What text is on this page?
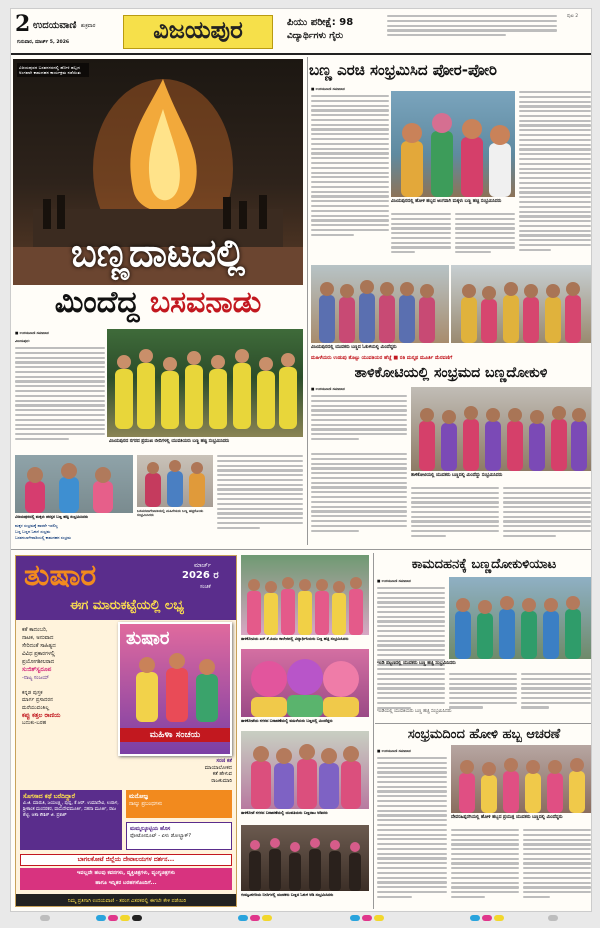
2 ಉದಯವಾಣಿ ಶುಕ್ರವಾರ
ಗುರುವಾರ, ಮಾರ್ಚ್ 5, 2026	ವಿಜಯಪುರ	ಪಿಯು ಪರೀಕ್ಷೆ: 98
ವಿದ್ಯಾರ್ಥಿಗಳು ಗೈರು
ಪುಟ 2
ವಿಜಯಪುರದ ಬಸವನಗರದಲ್ಲಿ ಹೋಳಿ ಹಬ್ಬದ ಅಂಗವಾಗಿ ಕಾಮದಹನ ಕಾರ್ಯಕ್ರಮ ನಡೆಯಿತು
ಬಣ್ಣದಾಟದಲ್ಲಿ
ಮಿಂದೆದ್ದ ಬಸವನಾಡು
■ ಉದಯವಾಣಿ ಸಮಾಚಾರ
ವಿಜಯಪುರ:
ವಿಜಯಪುರದ ನಗರದ ಪ್ರಮುಖ ಬೀದಿಗಳಲ್ಲಿ ಯುವತಿಯರು ಬಣ್ಣ ಹಚ್ಚಿ ಸಂಭ್ರಮಿಸಿದರು
ವಿಜಯಪುರದಲ್ಲಿ ಮಕ್ಕಳು ಪರಸ್ಪರ ಬಣ್ಣ ಹಚ್ಚಿ ಸಂಭ್ರಮಿಸಿದರು
ಮಕ್ಕಳ ಸಂಭ್ರಮಕ್ಕೆ ಪಾರವೇ ಇರಲಿಲ್ಲ
ಬಣ್ಣ ಬಣ್ಣದ ಓಕುಳಿ ಸಂಭ್ರಮ
ಬಸವನಬಾಗೇವಾಡಿಯಲ್ಲಿ ಕಾಮದಹನ ಸಂಭ್ರಮ
ಬಸವನಬಾಗೇವಾಡಿಯಲ್ಲಿ ಮಹಿಳೆಯರು ಬಣ್ಣ ಹಚ್ಚಿಕೊಂಡು ಸಂಭ್ರಮಿಸಿದರು
ಬಣ್ಣ ಎರಚಿ ಸಂಭ್ರಮಿಸಿದ ಪೋರ-ಪೋರಿ
■ ಉದಯವಾಣಿ ಸಮಾಚಾರ
ವಿಜಯಪುರದಲ್ಲಿ ಹೋಳಿ ಹಬ್ಬದ ಅಂಗವಾಗಿ ಮಕ್ಕಳು ಬಣ್ಣ ಹಚ್ಚಿ ಸಂಭ್ರಮಿಸಿದರು
ವಿಜಯಪುರದಲ್ಲಿ ಯುವಕರು ಬಣ್ಣದ ಓಕುಳಿಯಲ್ಲಿ ಮಿಂದೆದ್ದರು
ಮಹಿಳೆಯರು ಉಡುಪು ತೊಟ್ಟು ಯುವತಿಯರ ಹೆಜ್ಜೆ ■ ರತಿ ಮನ್ಮಥ ಮೂರ್ತಿ ಮೆರವಣಿಗೆ
ತಾಳಿಕೋಟಿಯಲ್ಲಿ ಸಂಭ್ರಮದ ಬಣ್ಣದೋಕುಳಿ
■ ಉದಯವಾಣಿ ಸಮಾಚಾರ
ತಾಳಿಕೋಟಿಯಲ್ಲಿ ಯುವಕರು ಬಣ್ಣದಲ್ಲಿ ಮಿಂದೆದ್ದು ಸಂಭ್ರಮಿಸಿದರು
ತುಷಾರ	ಮಾರ್ಚ್
2026 ರ
ಸಂಚಿಕೆ
ಈಗ ಮಾರುಕಟ್ಟೆಯಲ್ಲಿ ಲಭ್ಯ
ಕತೆ ಕಾದಂಬರಿ,
ನಾಟಕ, ಅನುವಾದ
ಸೇರಿದಂತೆ ಸಾಹಿತ್ಯದ
ವಿವಿಧ ಪ್ರಕಾರಗಳಲ್ಲಿ
ಪ್ರಯೋಗಶೀಲರಾದ
ಸುಜಿತ್‌ಸ್ವರೂಪ
-ನಾಟ್ಯ ಸಂಜಯ್
ತುಷಾರ
ಮಹಿಳಾ ಸಂಚಯ
ಕನ್ನಡ ಪುಸ್ತಕ
ಮಾರ್ಗ ಪ್ರಸಾದರನ
ಮರೆಯುವಂತಿಲ್ಲ
ಕಪ್ಪು ಕತ್ತಲ ರಾಣಿಯ
ಬದುಕು-ಬರಹ
ಸರಣಿ ಕತೆ
ಮಾಯಾಲೋಕದ
ಕತೆ ಹೇಳುವ
ರಾಜಕುಮಾರಿ
ಸೊಗಸಾದ ಕಥೆ ಬರೆದಿದ್ದಾರೆ
ವಿ.ಜಿ. ಮಾರುತಿ, ಜಯಲಕ್ಷ್ಮಿ, ಪುಷ್ಪ, ಕೆ.ಆರ್. ಉಮಾದೇವಿ, ಉರಾಳ, ಶ್ರೀಕಾಂತ ಮಂದರಕರ, ವಾಸುದೇವಮೂರ್ತಿ, ಸಹನಾ ಮೂರ್ತಿ, ರಾಜ ಶೆಟ್ಟಿ, ಆಶಾ ಕೌಶಿಕ್ ಜಿ. ಪ್ರಕಾಶ್
ಮನೋಜ್ಞ
ನಾಲ್ಕು ಪ್ರಬಂಧಗಳು
ಮಮ್ಮಲ್ಕೂಟ್ಟಿಯ ಹೊಸ
ಫೋಟೋಷೂಟ್ - ಏಳು ಡೋಲ್ಬ್ರಾಕ್?
ಬಾಗಲಕೋಟೆ ಜಿಲ್ಲೆಯ ದೇವಾಲಯಗಳ ದರ್ಶನ...
ಇವಲ್ಲದೇ ಹಲವು ಕವನಗಳು, ವ್ಯಕ್ತಿಚಿತ್ರಗಳು, ವ್ಯಂಗ್ಯಚಿತ್ರಗಳು
ಹಾಗೂ ಇನ್ನಿತರ ಬರಹಗಳೊಂದಿಗೆ...
ನಿಮ್ಮ ಪ್ರತಿಗಾಗಿ ಉದಯವಾಣಿ - ತರಂಗ ವಿತರಕರಲ್ಲಿ ಈಗಲೇ ಕೇಳಿ ಪಡೆಯಿರಿ
ತಾಳಿಕೋಟಿಯ ಎಸ್.ಕೆ.ಪಿಯು ಕಾಲೇಜಿನಲ್ಲಿ ವಿದ್ಯಾರ್ಥಿನಿಯರು ಬಣ್ಣ ಹಚ್ಚಿ ಸಂಭ್ರಮಿಸಿದರು
ತಾಳಿಕೋಟೆಯ ನಗರದ ಬಡಾವಣೆಯಲ್ಲಿ ಮಹಿಳೆಯರು ಬಣ್ಣದಲ್ಲಿ ಮಿಂದೆದ್ದರು
ತಾಳಿಕೋಟೆ ನಗರದ ಬಡಾವಣೆಯಲ್ಲಿ ಯುವತಿಯರು ಬಣ್ಣದಾಟ ಆಡಿದರು
ಗುಮ್ಮಟನಗರಿಯ ಬೀದಿಗಳಲ್ಲಿ ಯುವಕರು ಬಣ್ಣದ ಓಕುಳಿ ಆಡಿ ಸಂಭ್ರಮಿಸಿದರು
ಕಾಮದಹನಕ್ಕೆ ಬಣ್ಣದೋಕುಳಿಯಾಟ
■ ಉದಯವಾಣಿ ಸಮಾಚಾರ
ಇಂಡಿ ಪಟ್ಟಣದಲ್ಲಿ ಯುವಕರು ಬಣ್ಣ ಹಚ್ಚಿ ಸಂಭ್ರಮಿಸಿದರು
ಇಂಡಿಯಲ್ಲಿ ಯುವತಿಯರು ಬಣ್ಣ ಹಚ್ಚಿ ಸಂಭ್ರಮಿಸಿದರು
ಸಂಭ್ರಮದಿಂದ ಹೋಳಿ ಹಬ್ಬ ಆಚರಣೆ
■ ಉದಯವಾಣಿ ಸಮಾಚಾರ
ದೇವರಹಿಪ್ಪರಗಿಯಲ್ಲಿ ಹೋಳಿ ಹಬ್ಬದ ಪ್ರಯುಕ್ತ ಯುವಕರು ಬಣ್ಣದಲ್ಲಿ ಮಿಂದೆದ್ದರು
